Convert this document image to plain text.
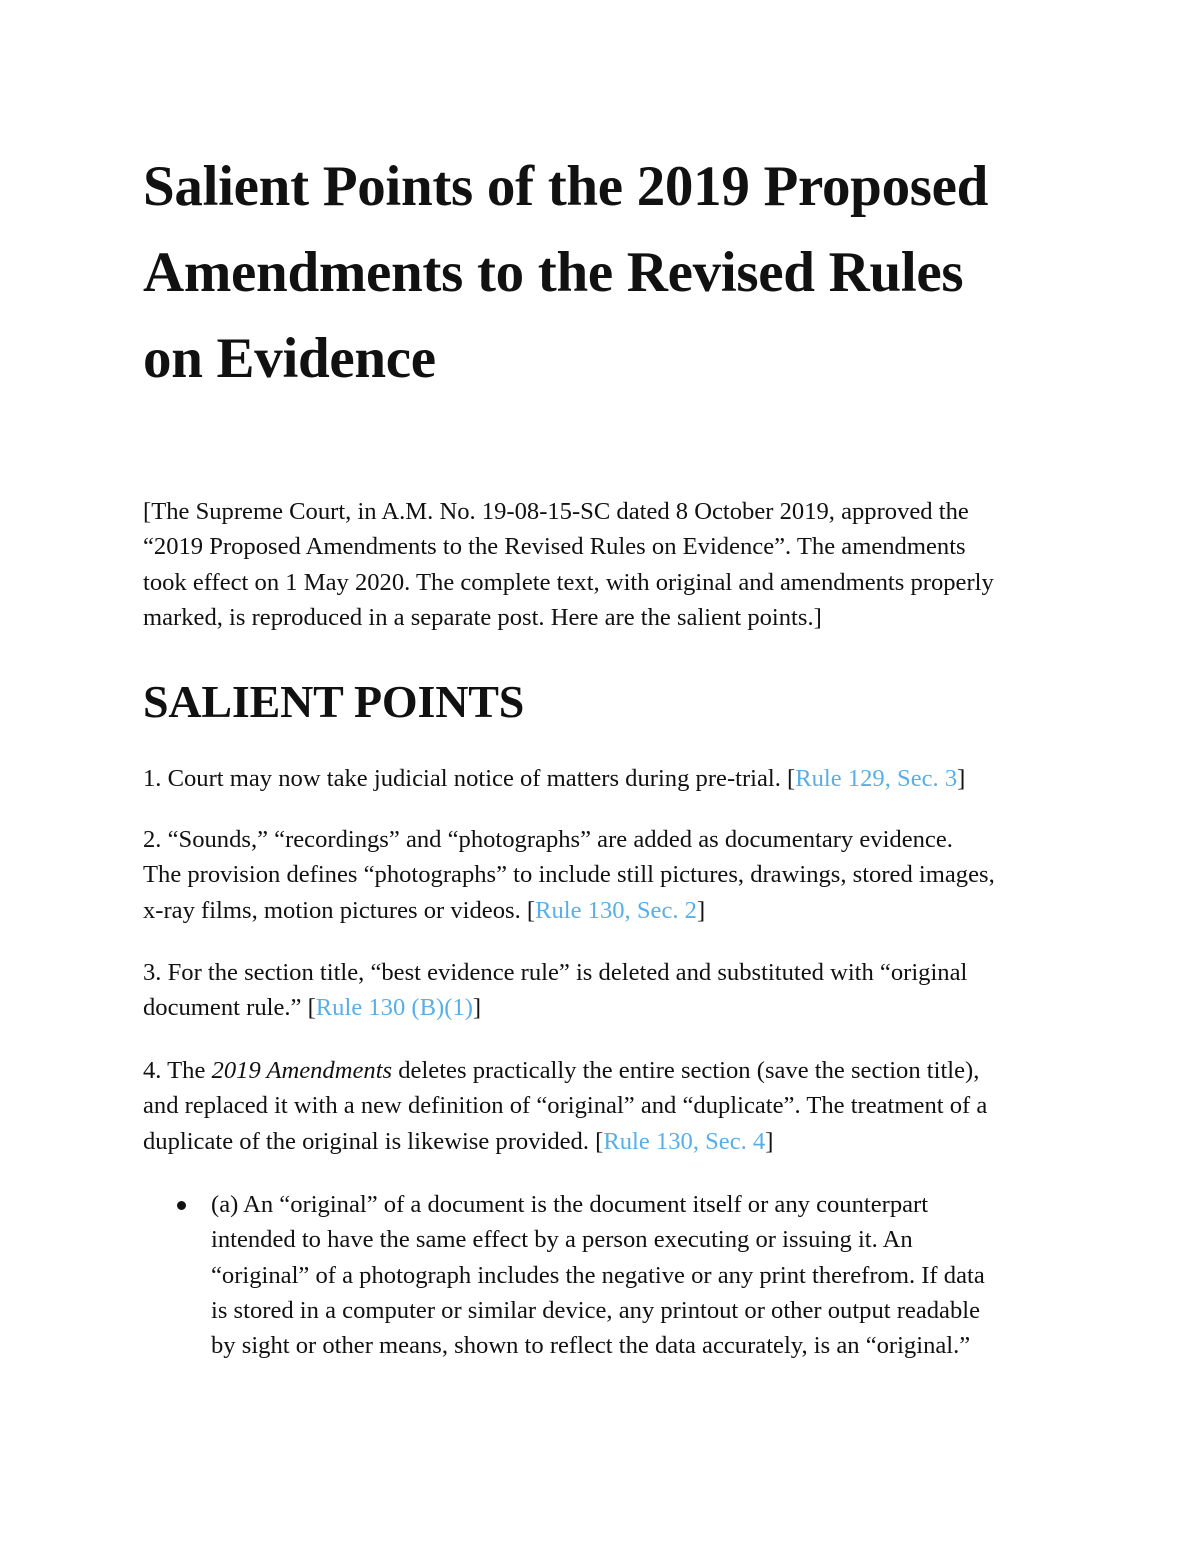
Salient Points of the 2019 Proposed
Amendments to the Revised Rules
on Evidence

[The Supreme Court, in A.M. No. 19-08-15-SC dated 8 October 2019, approved the
“2019 Proposed Amendments to the Revised Rules on Evidence”. The amendments
took effect on 1 May 2020. The complete text, with original and amendments properly
marked, is reproduced in a separate post. Here are the salient points.]

SALIENT POINTS

1. Court may now take judicial notice of matters during pre-trial. [Rule 129, Sec. 3]

2. “Sounds,” “recordings” and “photographs” are added as documentary evidence.
The provision defines “photographs” to include still pictures, drawings, stored images,
x-ray films, motion pictures or videos. [Rule 130, Sec. 2]

3. For the section title, “best evidence rule” is deleted and substituted with “original
document rule.” [Rule 130 (B)(1)]

4. The 2019 Amendments deletes practically the entire section (save the section title),
and replaced it with a new definition of “original” and “duplicate”. The treatment of a
duplicate of the original is likewise provided. [Rule 130, Sec. 4]

(a) An “original” of a document is the document itself or any counterpart
intended to have the same effect by a person executing or issuing it. An
“original” of a photograph includes the negative or any print therefrom. If data
is stored in a computer or similar device, any printout or other output readable
by sight or other means, shown to reflect the data accurately, is an “original.”
